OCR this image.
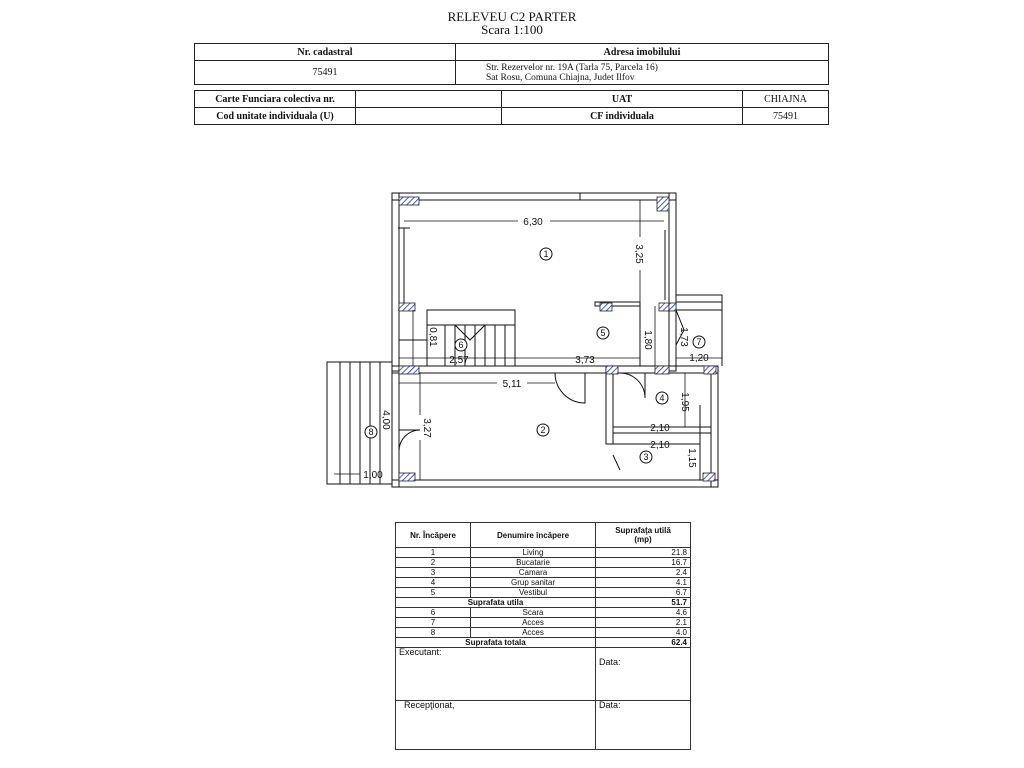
RELEVEU C2 PARTER
Scara 1:100
Nr. cadastral	Adresa imobilului
75491	Str. Rezervelor nr. 19A (Tarla 75, Parcela 16)
Sat Rosu, Comuna Chiajna, Judet Ilfov
Carte Funciara colectiva nr.		UAT	CHIAJNA
Cod unitate individuala (U)		CF individuala	75491
6,30
3,25
1,80	1,73
1,20
2,57	3,73
0,81
5,11
4,00	3,27
1,95
2,10
2,10
1,15
1,00
1
2
3
4
5
6	7
8
Nr. Încăpere	Denumire încăpere	Suprafaţa utilă
(mp)

1	Living	21.8
2	Bucatarie	16.7
3	Camara	2.4
4	Grup sanitar	4.1
5	Vestibul	6.7
Suprafata utila		51.7
6	Scara	4.6
7	Acces	2.1
8	Acces	4.0
Suprafata totala		62.4
Executant:		Data:
Recepţionat,		Data:
